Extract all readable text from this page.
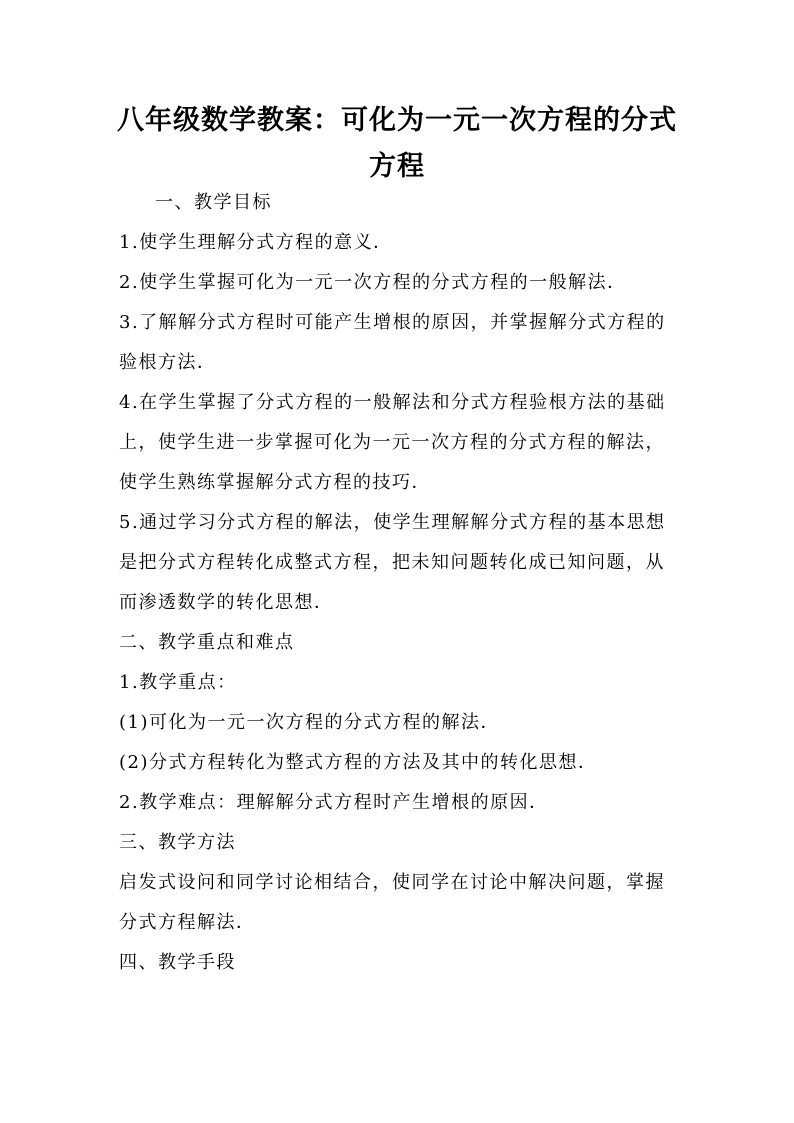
八年级数学教案：可化为一元一次方程的分式方程

一、教学目标

1.使学生理解分式方程的意义．

2.使学生掌握可化为一元一次方程的分式方程的一般解法．

3.了解解分式方程时可能产生增根的原因，并掌握解分式方程的验根方法．

4.在学生掌握了分式方程的一般解法和分式方程验根方法的基础上，使学生进一步掌握可化为一元一次方程的分式方程的解法，使学生熟练掌握解分式方程的技巧．

5.通过学习分式方程的解法，使学生理解解分式方程的基本思想是把分式方程转化成整式方程，把未知问题转化成已知问题，从而渗透数学的转化思想．

二、教学重点和难点

1.教学重点：

(1)可化为一元一次方程的分式方程的解法．

(2)分式方程转化为整式方程的方法及其中的转化思想．

2.教学难点：理解解分式方程时产生增根的原因．

三、教学方法

启发式设问和同学讨论相结合，使同学在讨论中解决问题，掌握分式方程解法．

四、教学手段
